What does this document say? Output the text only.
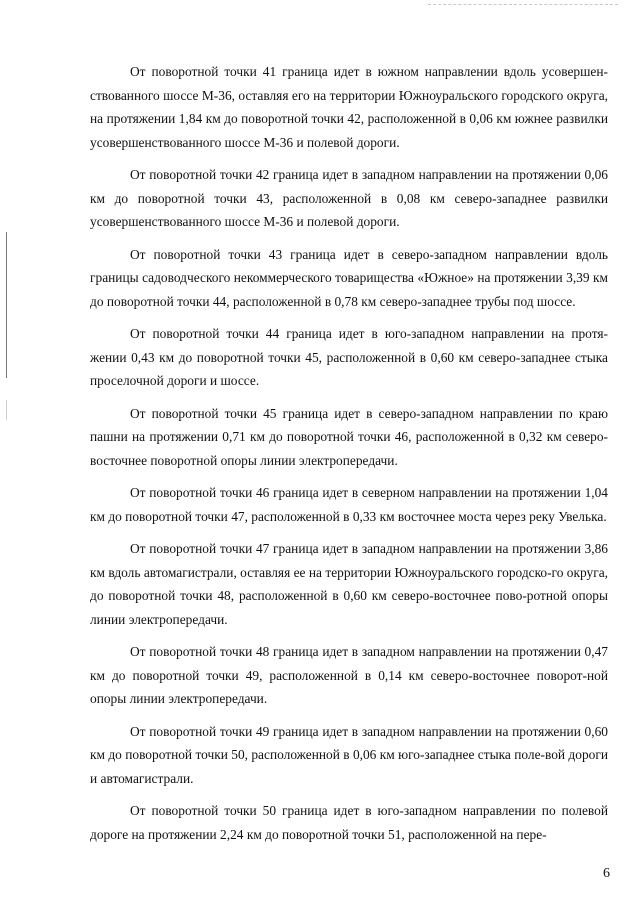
От поворотной точки 41 граница идет в южном направлении вдоль усовершен-ствованного шоссе М-36, оставляя его на территории Южноуральского городского округа, на протяжении 1,84 км до поворотной точки 42, расположенной в 0,06 км южнее развилки усовершенствованного шоссе М-36 и полевой дороги.

От поворотной точки 42 граница идет в западном направлении на протяжении 0,06 км до поворотной точки 43, расположенной в 0,08 км северо-западнее развилки усовершенствованного шоссе М-36 и полевой дороги.

От поворотной точки 43 граница идет в северо-западном направлении вдоль границы садоводческого некоммерческого товарищества «Южное» на протяжении 3,39 км до поворотной точки 44, расположенной в 0,78 км северо-западнее трубы под шоссе.

От поворотной точки 44 граница идет в юго-западном направлении на протя-жении 0,43 км до поворотной точки 45, расположенной в 0,60 км северо-западнее стыка проселочной дороги и шоссе.

От поворотной точки 45 граница идет в северо-западном направлении по краю пашни на протяжении 0,71 км до поворотной точки 46, расположенной в 0,32 км северо-восточнее поворотной опоры линии электропередачи.

От поворотной точки 46 граница идет в северном направлении на протяжении 1,04 км до поворотной точки 47, расположенной в 0,33 км восточнее моста через реку Увелька.

От поворотной точки 47 граница идет в западном направлении на протяжении 3,86 км вдоль автомагистрали, оставляя ее на территории Южноуральского городско-го округа, до поворотной точки 48, расположенной в 0,60 км северо-восточнее пово-ротной опоры линии электропередачи.

От поворотной точки 48 граница идет в западном направлении на протяжении 0,47 км до поворотной точки 49, расположенной в 0,14 км северо-восточнее поворот-ной опоры линии электропередачи.

От поворотной точки 49 граница идет в западном направлении на протяжении 0,60 км до поворотной точки 50, расположенной в 0,06 км юго-западнее стыка поле-вой дороги и автомагистрали.

От поворотной точки 50 граница идет в юго-западном направлении по полевой дороге на протяжении 2,24 км до поворотной точки 51, расположенной на пере-

6
